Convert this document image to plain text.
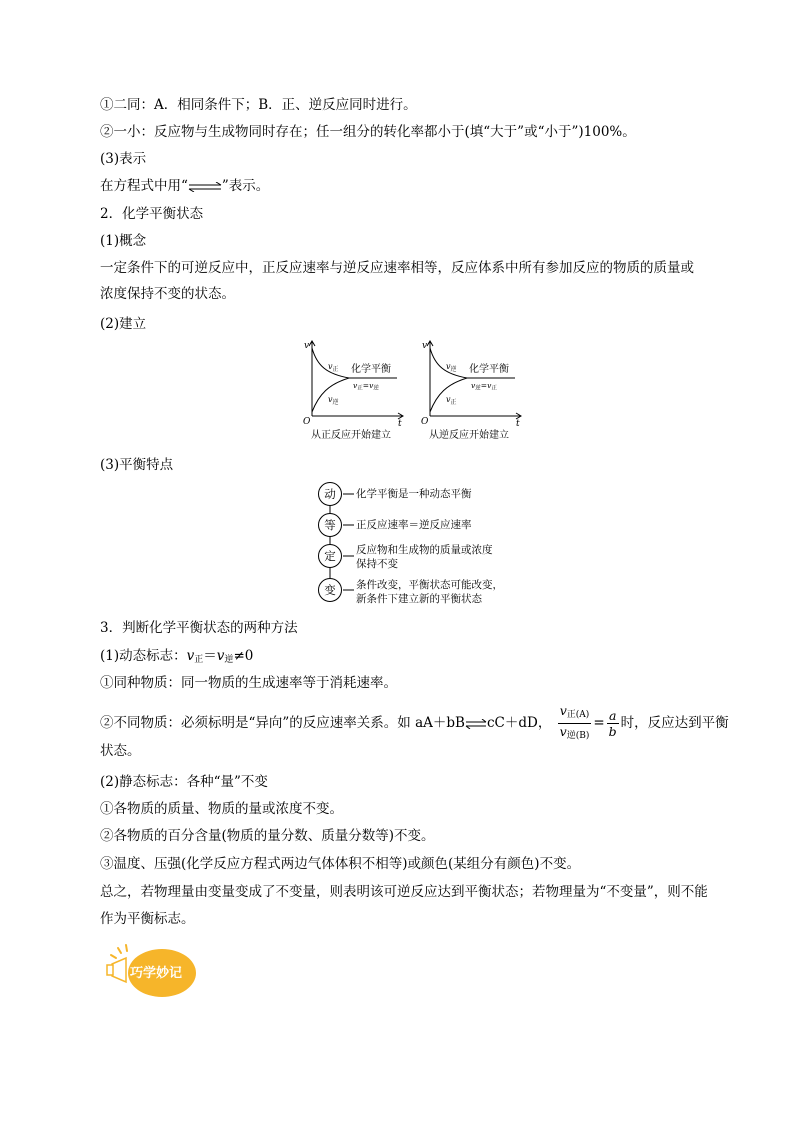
①二同：A．相同条件下；B．正、逆反应同时进行。
②一小：反应物与生成物同时存在；任一组分的转化率都小于(填“大于”或“小于”)100%。
(3)表示
在方程式中用“⇌”表示。
2．化学平衡状态
(1)概念
一定条件下的可逆反应中，正反应速率与逆反应速率相等，反应体系中所有参加反应的物质的质量或
浓度保持不变的状态。
(2)建立
v
t
O
$v_正$
$v_逆$
化学平衡
$v_正=v_逆$
从正反应开始建立
v
t
O
$v_逆$
$v_正$
化学平衡
$v_逆=v_正$
从逆反应开始建立
(3)平衡特点
动	化学平衡是一种动态平衡
等	正反应速率＝逆反应速率
定	反应物和生成物的质量或浓度
保持不变
变	条件改变，平衡状态可能改变，
新条件下建立新的平衡状态
3．判断化学平衡状态的两种方法
(1)动态标志：$v_正=v_逆\ne 0$
①同种物质：同一物质的生成速率等于消耗速率。
②不同物质：必须标明是“异向”的反应速率关系。如 aA＋bB⇌cC＋dD， $\frac{v_{正(A)}}{v_{逆(B)}} = \frac{a}{b}$ 时，反应达到平衡
状态。
(2)静态标志：各种“量”不变
①各物质的质量、物质的量或浓度不变。
②各物质的百分含量(物质的量分数、质量分数等)不变。
③温度、压强(化学反应方程式两边气体体积不相等)或颜色(某组分有颜色)不变。
总之，若物理量由变量变成了不变量，则表明该可逆反应达到平衡状态；若物理量为“不变量”，则不能
作为平衡标志。
巧学妙记
